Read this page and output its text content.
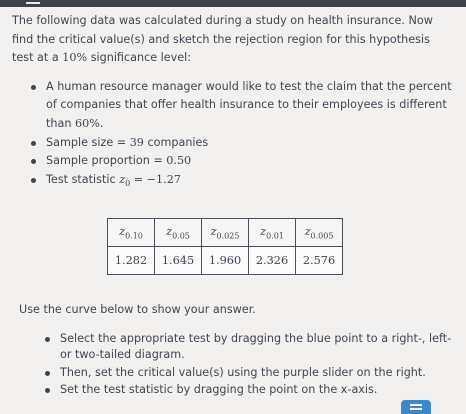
The following data was calculated during a study on health insurance. Now find the critical value(s) and sketch the rejection region for this hypothesis test at a 10% significance level:

A human resource manager would like to test the claim that the percent of companies that offer health insurance to their employees is different than 60%.
Sample size = 39 companies
Sample proportion = 0.50
Test statistic $z_0 = -1.27$
$z_{0.10}$	$z_{0.05}$	$z_{0.025}$	$z_{0.01}$	$z_{0.005}$
1.282	1.645	1.960	2.326	2.576
Use the curve below to show your answer.
Select the appropriate test by dragging the blue point to a right-, left- or two-tailed diagram.
Then, set the critical value(s) using the purple slider on the right.
Set the test statistic by dragging the point on the x-axis.
